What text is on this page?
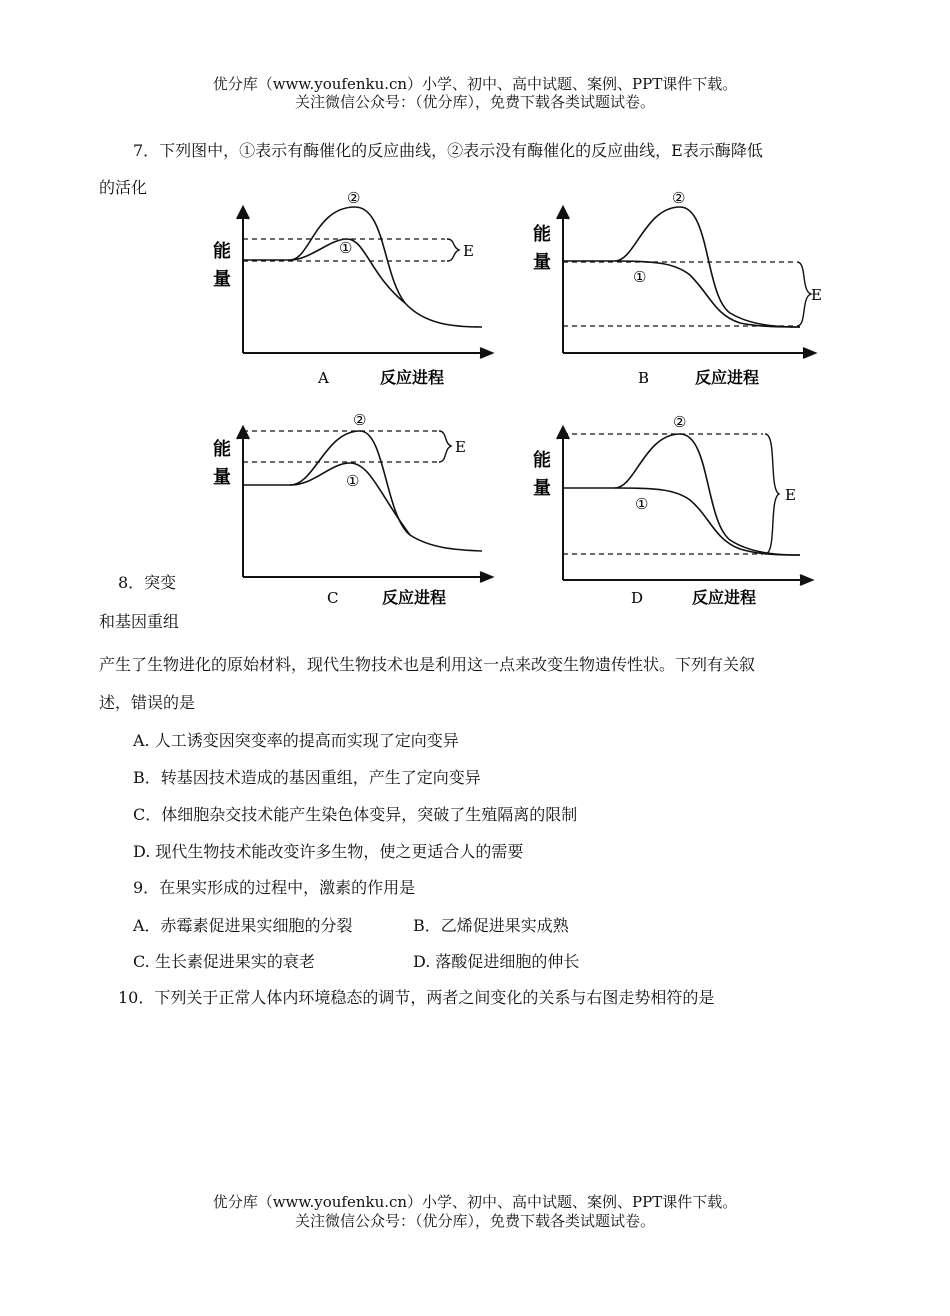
优分库（www.youfenku.cn）小学、初中、高中试题、案例、PPT课件下载。
关注微信公众号：（优分库），免费下载各类试题试卷。
7．下列图中，①表示有酶催化的反应曲线，②表示没有酶催化的反应曲线，E表示酶降低
的活化
能
量
②
①	E
A	反应进程
能
量
②
①
E
B	反应进程
能
量
②
①
E
C	反应进程
能
量
②
①	E
D	反应进程
8．突变
和基因重组
产生了生物进化的原始材料，现代生物技术也是利用这一点来改变生物遗传性状。下列有关叙
述，错误的是
A. 人工诱变因突变率的提高而实现了定向变异
B．转基因技术造成的基因重组，产生了定向变异
C．体细胞杂交技术能产生染色体变异，突破了生殖隔离的限制
D. 现代生物技术能改变许多生物，使之更适合人的需要
9．在果实形成的过程中，激素的作用是
A．赤霉素促进果实细胞的分裂	B．乙烯促进果实成熟
C. 生长素促进果实的衰老	D. 落酸促进细胞的伸长
10．下列关于正常人体内环境稳态的调节，两者之间变化的关系与右图走势相符的是
优分库（www.youfenku.cn）小学、初中、高中试题、案例、PPT课件下载。
关注微信公众号：（优分库），免费下载各类试题试卷。
